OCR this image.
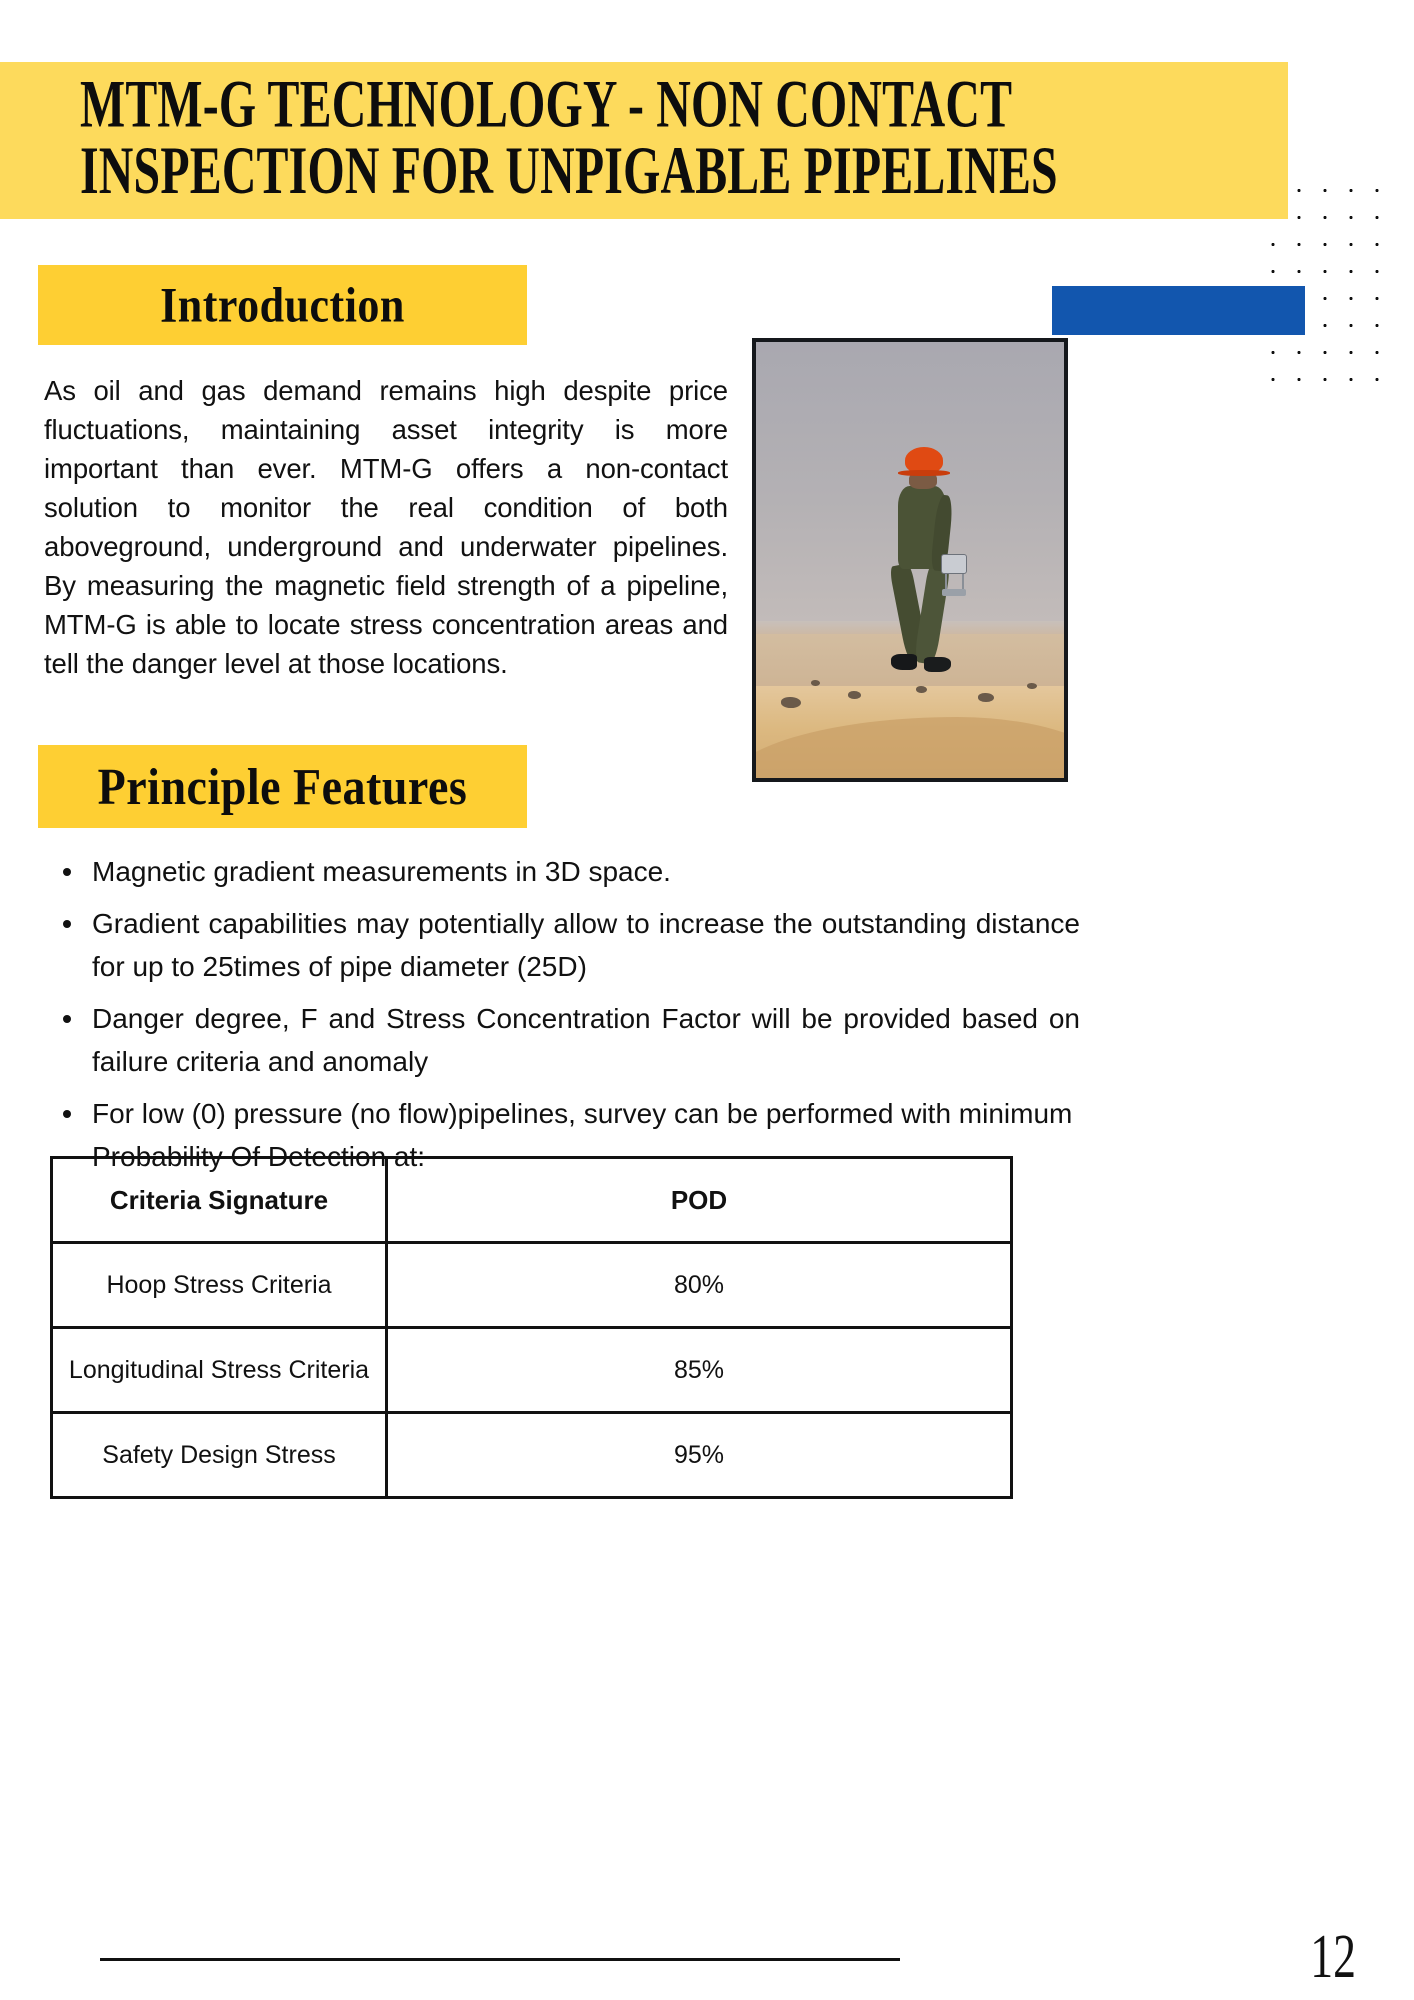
MTM-G TECHNOLOGY - NON CONTACT
INSPECTION FOR UNPIGABLE PIPELINES
Introduction

As oil and gas demand remains high despite price fluctuations, maintaining asset integrity is more important than ever. MTM-G offers a non-contact solution to monitor the real condition of both aboveground, underground and underwater pipelines. By measuring the magnetic field strength of a pipeline, MTM-G is able to locate stress concentration areas and tell the danger level at those locations.

Principle Features
Magnetic gradient measurements in 3D space.
Gradient capabilities may potentially allow to increase the outstanding distance for up to 25times of pipe diameter (25D)
Danger degree, F and Stress Concentration Factor will be provided based on failure criteria and anomaly
For low (0) pressure (no flow)pipelines, survey can be performed with minimum Probability Of Detection at:
Criteria Signature	POD
Hoop Stress Criteria	80%
Longitudinal Stress Criteria	85%
Safety Design Stress	95%
12
